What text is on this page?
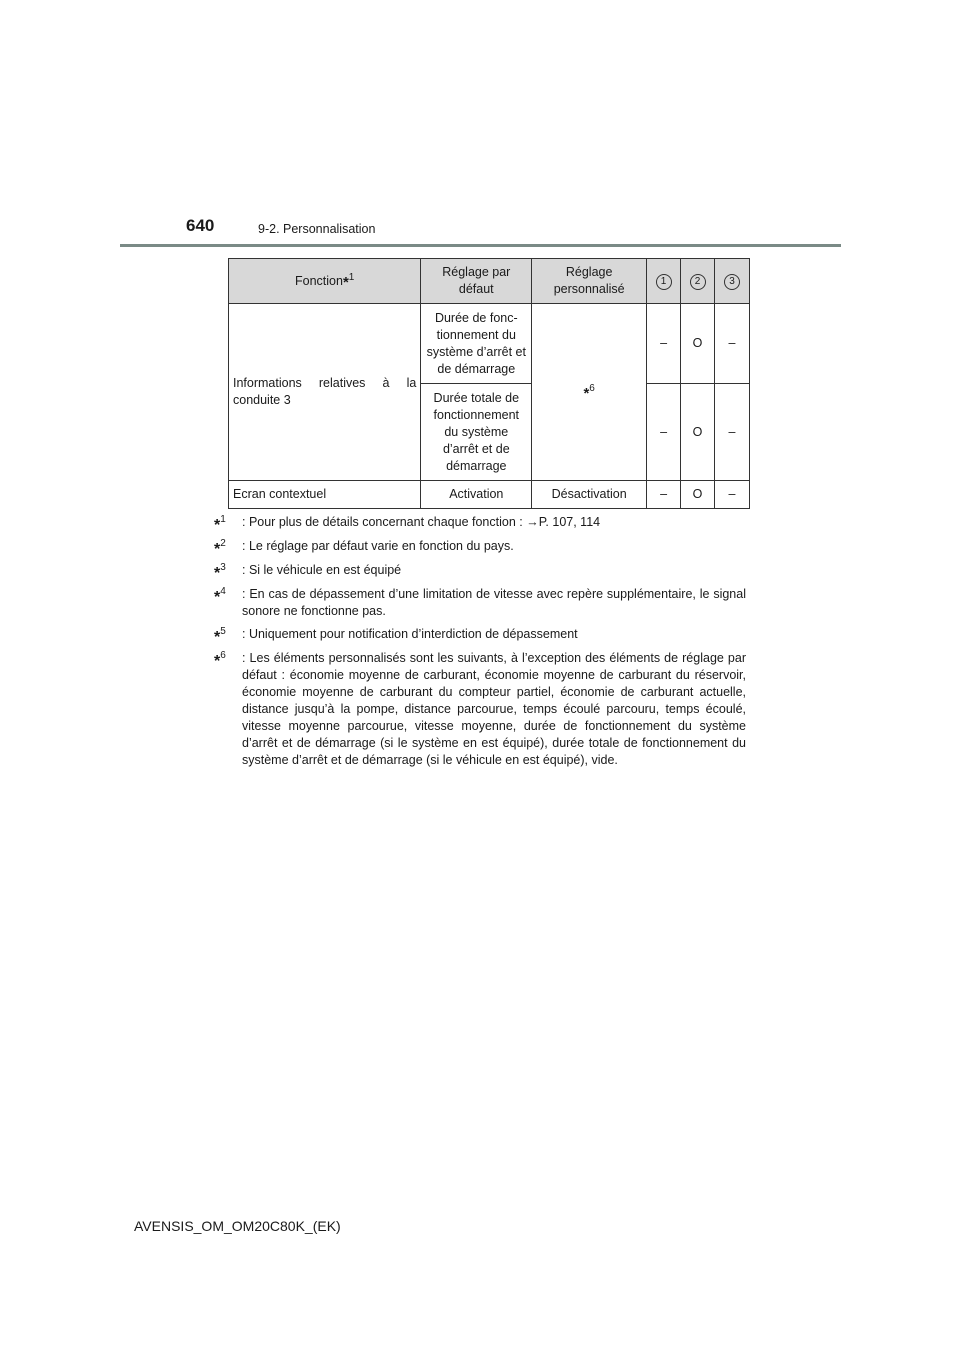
640	9-2. Personnalisation
Fonction*$^1$	Réglage par défaut	Réglage personnalisé	1	2	3
Informations relatives à la conduite 3	Durée de fonc-tionnement du système d’arrêt et de démarrage	*$^6$	–	O	–
	Durée totale de fonctionnement du système d’arrêt et de démarrage		–	O	–
Ecran contextuel	Activation	Désactivation	–	O	–
*$^1$	: Pour plus de détails concernant chaque fonction : →P. 107, 114
*$^2$	: Le réglage par défaut varie en fonction du pays.
*$^3$	: Si le véhicule en est équipé
*$^4$	: En cas de dépassement d’une limitation de vitesse avec repère supplémentaire, le signal sonore ne fonctionne pas.
*$^5$	: Uniquement pour notification d’interdiction de dépassement
*$^6$	: Les éléments personnalisés sont les suivants, à l’exception des éléments de réglage par défaut : économie moyenne de carburant, économie moyenne de carburant du réservoir, économie moyenne de carburant du compteur partiel, économie de carburant actuelle, distance jusqu’à la pompe, distance parcourue, temps écoulé parcouru, temps écoulé, vitesse moyenne parcourue, vitesse moyenne, durée de fonctionnement du système d’arrêt et de démarrage (si le système en est équipé), durée totale de fonctionnement du système d’arrêt et de démarrage (si le véhicule en est équipé), vide.
AVENSIS_OM_OM20C80K_(EK)
